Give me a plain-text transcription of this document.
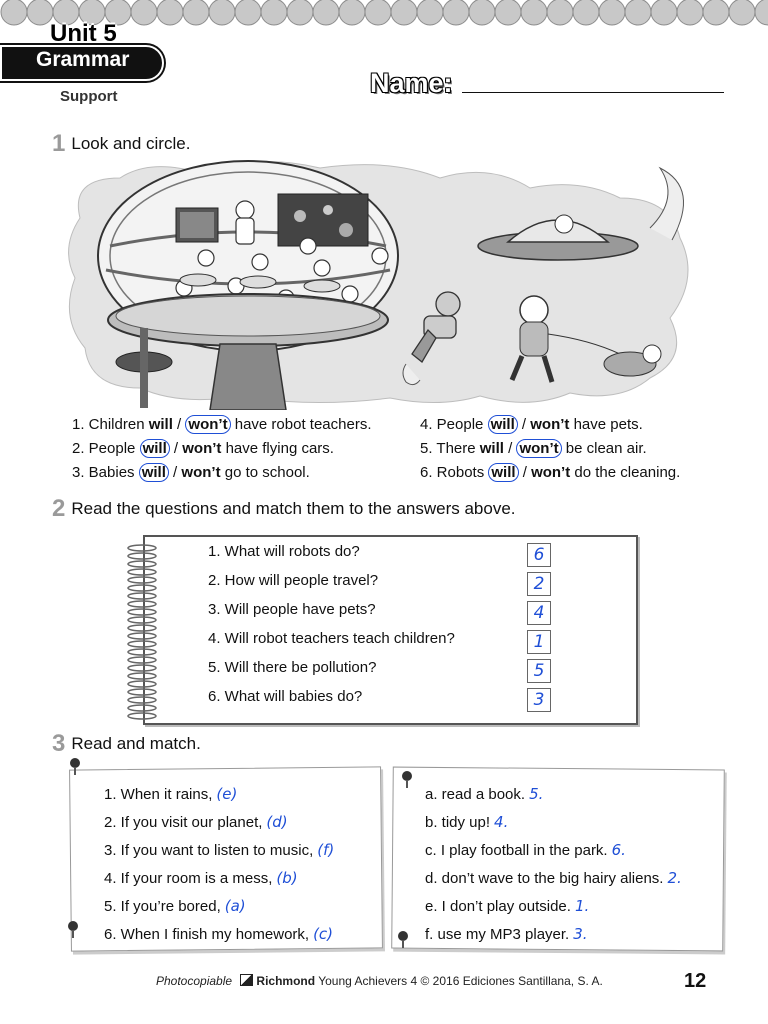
Unit 5
Grammar
Support	Name:
1 Look and circle.
1. Children will / won’t have robot teachers.
2. People will / won’t have flying cars.
3. Babies will / won’t go to school.
4. People will / won’t have pets.
5. There will / won’t be clean air.
6. Robots will / won’t do the cleaning.
2 Read the questions and match them to the answers above.
1. What will robots do?
2. How will people travel?
3. Will people have pets?
4. Will robot teachers teach children?
5. Will there be pollution?
6. What will babies do?
6
2
4
1
5
3
3 Read and match.
1. When it rains, (e)
2. If you visit our planet, (d)
3. If you want to listen to music, (f)
4. If your room is a mess, (b)
5. If you’re bored, (a)
6. When I finish my homework, (c)
a. read a book. 5.
b. tidy up! 4.
c. I play football in the park. 6.
d. don’t wave to the big hairy aliens. 2.
e. I don’t play outside. 1.
f. use my MP3 player. 3.
Photocopiable Richmond Young Achievers 4 © 2016 Ediciones Santillana, S. A.	12
